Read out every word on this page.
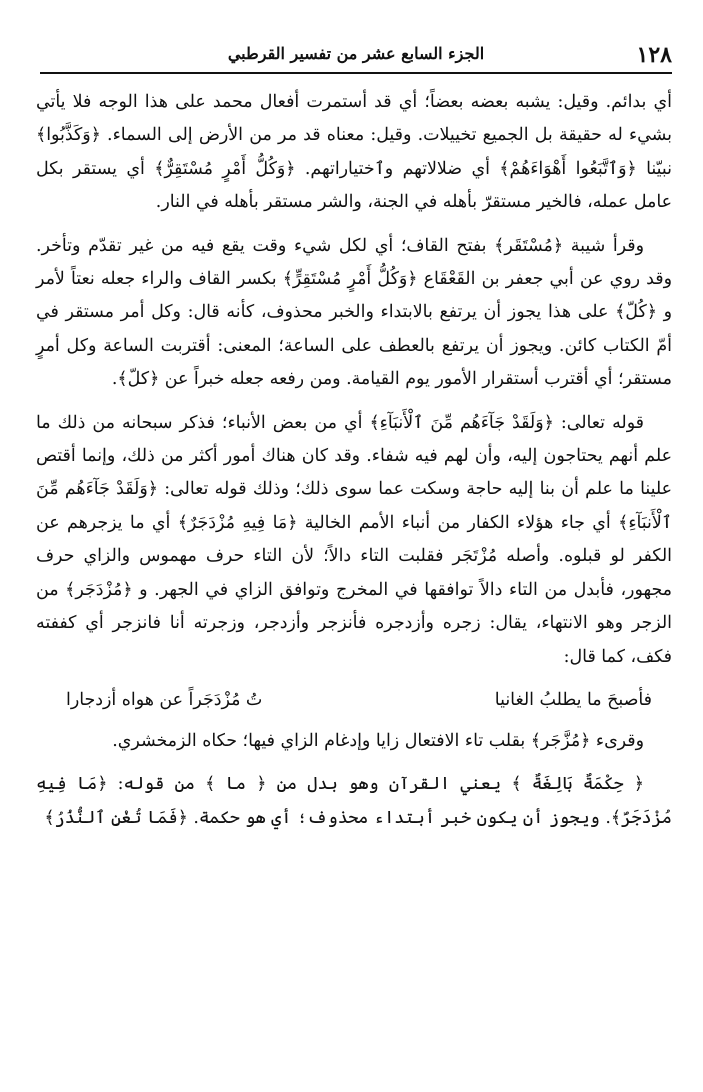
١٢٨
الجزء السابع عشر من تفسير القرطبي

أي بدائم. وقيل: يشبه بعضه بعضاً؛ أي قد أستمرت أفعال محمد على هذا الوجه فلا يأتي بشيء له حقيقة بل الجميع تخييلات. وقيل: معناه قد مر من الأرض إلى السماء. ﴿وَكَذَّبُوا﴾ نبيّنا ﴿وَٱتَّبَعُوا أَهْوَاءَهُمْ﴾ أي ضلالاتهم وٱختياراتهم. ﴿وَكُلُّ أَمْرٍ مُسْتَقِرٌّ﴾ أي يستقر بكل عامل عمله، فالخير مستقرّ بأهله في الجنة، والشر مستقر بأهله في النار.

وقرأ شيبة ﴿مُسْتَقَر﴾ بفتح القاف؛ أي لكل شيء وقت يقع فيه من غير تقدّم وتأخر. وقد روي عن أبي جعفر بن القَعْقَاع ﴿وَكُلُّ أَمْرٍ مُسْتَقِرٍّ﴾ بكسر القاف والراء جعله نعتاً لأمر و ﴿كُلّ﴾ على هذا يجوز أن يرتفع بالابتداء والخبر محذوف، كأنه قال: وكل أمر مستقر في أمّ الكتاب كائن. ويجوز أن يرتفع بالعطف على الساعة؛ المعنى: أقتربت الساعة وكل أمرٍ مستقر؛ أي أقترب أستقرار الأمور يوم القيامة. ومن رفعه جعله خبراً عن ﴿كلّ﴾.

قوله تعالى: ﴿وَلَقَدْ جَآءَهُم مِّنَ ٱلْأَنبَآءِ﴾ أي من بعض الأنباء؛ فذكر سبحانه من ذلك ما علم أنهم يحتاجون إليه، وأن لهم فيه شفاء. وقد كان هناك أمور أكثر من ذلك، وإنما أقتص علينا ما علم أن بنا إليه حاجة وسكت عما سوى ذلك؛ وذلك قوله تعالى: ﴿وَلَقَدْ جَآءَهُم مِّنَ ٱلْأَنبَآءِ﴾ أي جاء هؤلاء الكفار من أنباء الأمم الخالية ﴿مَا فِيهِ مُزْدَجَرٌ﴾ أي ما يزجرهم عن الكفر لو قبلوه. وأصله مُزْتَجَر فقلبت التاء دالاً؛ لأن التاء حرف مهموس والزاي حرف مجهور، فأبدل من التاء دالاً توافقها في المخرج وتوافق الزاي في الجهر. و ﴿مُزْدَجَر﴾ من الزجر وهو الانتهاء، يقال: زجره وأزدجره فأنزجر وأزدجر، وزجرته أنا فانزجر أي كففته فكف، كما قال:

فأصبحَ ما يطلبُ الغانيا
تُ مُزْدَجَراً عن هواه أزدجارا

وقرىء ﴿مُزَّجَر﴾ بقلب تاء الافتعال زايا وإدغام الزاي فيها؛ حكاه الزمخشري.

﴿ حِكْمَةٌ بَالِغَةٌ ﴾ يعني القرآن وهو بدل من ﴿ ما ﴾ من قوله: ﴿مَا فِيهِ مُزْدَجَرٌ﴾. ويجوز أن يكون خبر أبتداء محذوف؛ أي هو حكمة. ﴿فَمَا تُغْنِ ٱلنُّذُرُ﴾
